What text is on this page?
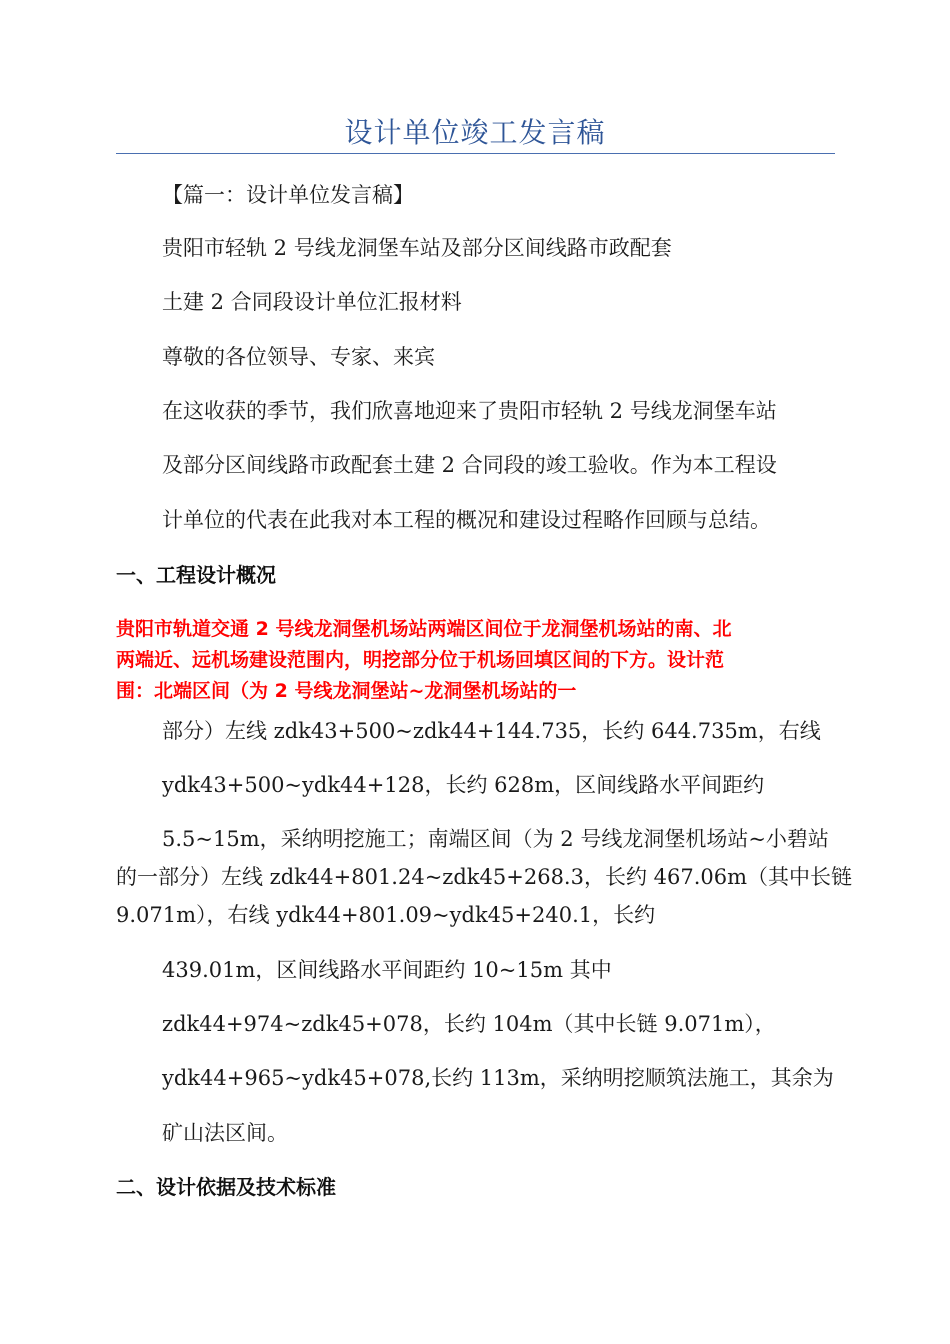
设计单位竣工发言稿
【篇一：设计单位发言稿】
贵阳市轻轨 2 号线龙洞堡车站及部分区间线路市政配套
土建 2 合同段设计单位汇报材料
尊敬的各位领导、专家、来宾
在这收获的季节，我们欣喜地迎来了贵阳市轻轨 2 号线龙洞堡车站
及部分区间线路市政配套土建 2 合同段的竣工验收。作为本工程设
计单位的代表在此我对本工程的概况和建设过程略作回顾与总结。
一、工程设计概况
贵阳市轨道交通 2 号线龙洞堡机场站两端区间位于龙洞堡机场站的南、北
两端近、远机场建设范围内，明挖部分位于机场回填区间的下方。设计范
围：北端区间（为 2 号线龙洞堡站~龙洞堡机场站的一
部分）左线 zdk43+500~zdk44+144.735，长约 644.735m，右线
ydk43+500~ydk44+128，长约 628m，区间线路水平间距约
5.5~15m，采纳明挖施工；南端区间（为 2 号线龙洞堡机场站~小碧站
的一部分）左线 zdk44+801.24~zdk45+268.3，长约 467.06m（其中长链
9.071m），右线 ydk44+801.09~ydk45+240.1，长约
439.01m，区间线路水平间距约 10~15m 其中
zdk44+974~zdk45+078，长约 104m（其中长链 9.071m），
ydk44+965~ydk45+078,长约 113m，采纳明挖顺筑法施工，其余为
矿山法区间。
二、设计依据及技术标准
